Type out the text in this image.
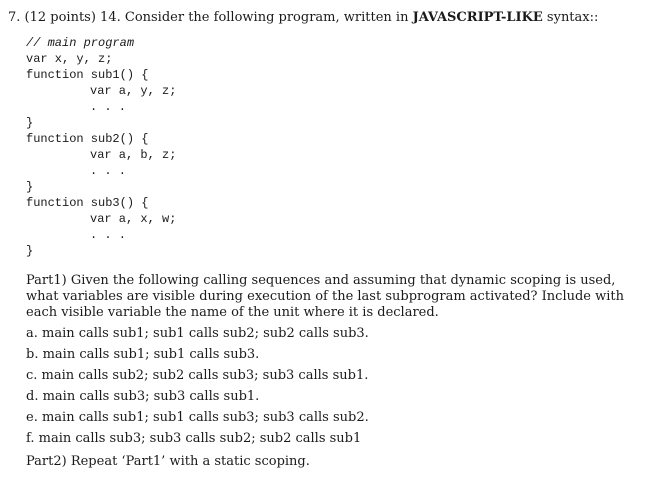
7. (12 points) 14. Consider the following program, written in JAVASCRIPT-LIKE syntax::
// main program
var x, y, z;
function sub1() {
var a, y, z;
. . .
}
function sub2() {
var a, b, z;
. . .
}
function sub3() {
var a, x, w;
. . .
}
Part1) Given the following calling sequences and assuming that dynamic scoping is used, what variables are visible during execution of the last subprogram activated? Include with each visible variable the name of the unit where it is declared.
a. main calls sub1; sub1 calls sub2; sub2 calls sub3.
b. main calls sub1; sub1 calls sub3.
c. main calls sub2; sub2 calls sub3; sub3 calls sub1.
d. main calls sub3; sub3 calls sub1.
e. main calls sub1; sub1 calls sub3; sub3 calls sub2.
f. main calls sub3; sub3 calls sub2; sub2 calls sub1
Part2) Repeat ‘Part1’ with a static scoping.
